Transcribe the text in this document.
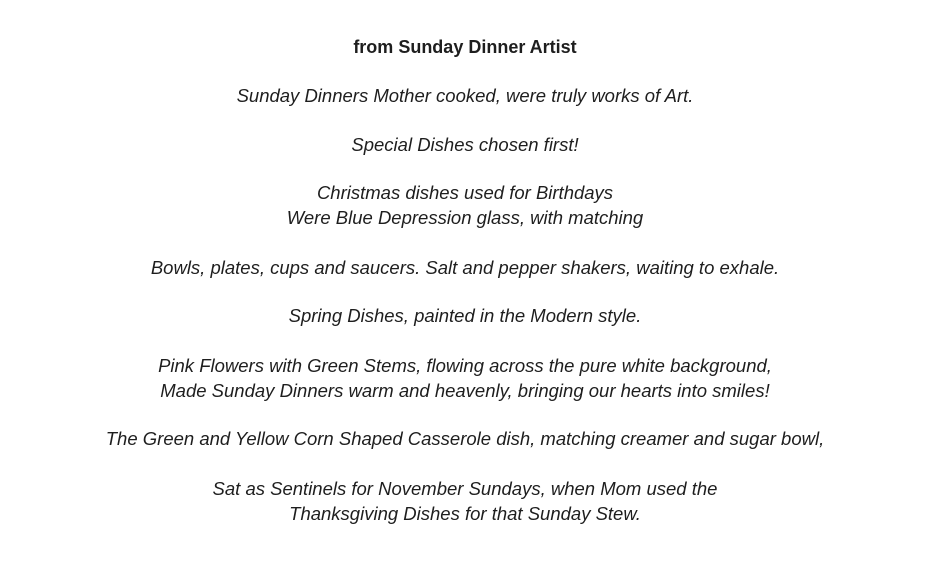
from Sunday Dinner Artist
Sunday Dinners Mother cooked, were truly works of Art.
Special Dishes chosen first!
Christmas dishes used for Birthdays
Were Blue Depression glass, with matching
Bowls, plates, cups and saucers. Salt and pepper shakers, waiting to exhale.
Spring Dishes, painted in the Modern style.
Pink Flowers with Green Stems, flowing across the pure white background,
Made Sunday Dinners warm and heavenly, bringing our hearts into smiles!
The Green and Yellow Corn Shaped Casserole dish, matching creamer and sugar bowl,
Sat as Sentinels for November Sundays, when Mom used the
Thanksgiving Dishes for that Sunday Stew.
